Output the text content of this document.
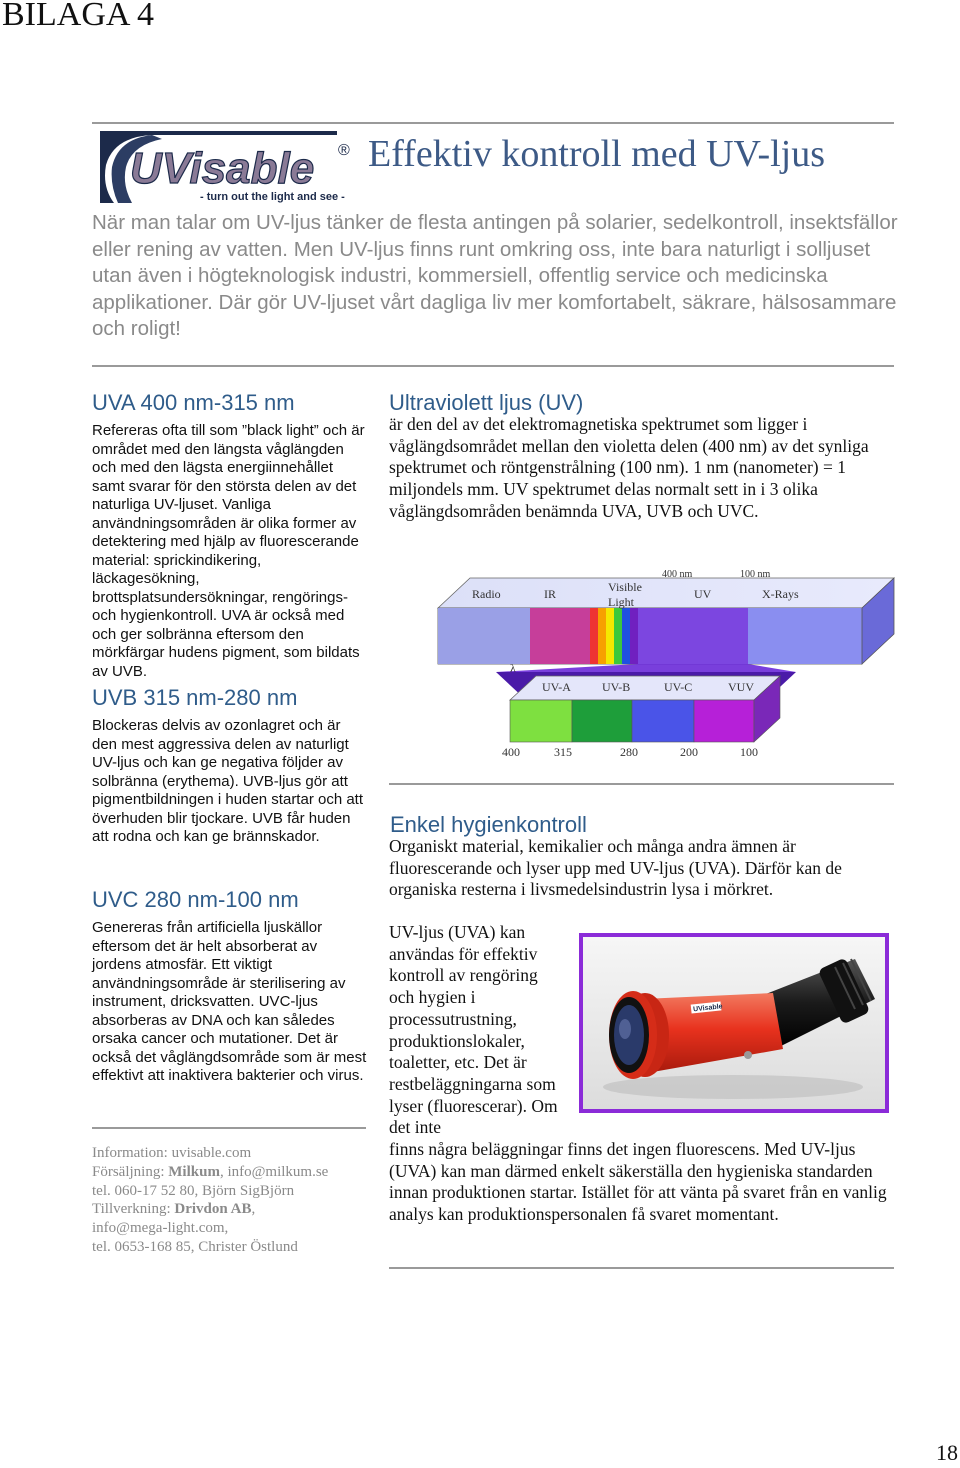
BILAGA 4
UVisable
- turn out the light and see -
® Effektiv kontroll med UV-ljus
När man talar om UV-ljus tänker de flesta antingen på solarier, sedelkontroll, insektsfällor eller rening av vatten. Men UV-ljus finns runt omkring oss, inte bara naturligt i solljuset utan även i högteknologisk industri, kommersiell, offentlig service och medicinska applikationer. Där gör UV-ljuset vårt dagliga liv mer komfortabelt, säkrare, hälsosammare och roligt!
UVA 400 nm-315 nm
Refereras ofta till som ”black light” och är området med den längsta våglängden och med den lägsta energiinnehållet samt svarar för den största delen av det naturliga UV-ljuset. Vanliga användningsområden är olika former av detektering med hjälp av fluorescerande material: sprickindikering, läckagesökning, brottsplatsundersökningar, rengörings- och hygienkontroll. UVA är också med och ger solbränna eftersom den mörkfärgar hudens pigment, som bildats av UVB.
UVB 315 nm-280 nm
Blockeras delvis av ozonlagret och är den mest aggressiva delen av naturligt UV-ljus och kan ge negativa följder av solbränna (erythema). UVB-ljus gör att pigmentbildningen i huden startar och att överhuden blir tjockare. UVB får huden att rodna och kan ge brännskador.
UVC 280 nm-100 nm
Genereras från artificiella ljuskällor eftersom det är helt absorberat av jordens atmosfär. Ett viktigt användningsområde är sterilisering av instrument, dricksvatten. UVC-ljus absorberas av DNA och kan således orsaka cancer och mutationer. Det är också det våglängdsområde som är mest effektivt att inaktivera bakterier och virus.
Information: uvisable.com
Försäljning: Milkum, info@milkum.se
tel. 060-17 52 80, Björn SigBjörn
Tillverkning: Drivdon AB,
info@mega-light.com,
tel. 0653-168 85, Christer Östlund
Ultraviolett ljus (UV)
är den del av det elektromagnetiska spektrumet som ligger i våglängdsområdet mellan den violetta delen (400 nm) av det synliga spektrumet och röntgenstrålning (100 nm). 1 nm (nanometer) = 1 miljondels mm. UV spektrumet delas normalt sett in i 3 olika våglängdsområden benämnda UVA, UVB och UVC.
Radio	IR	Visible
Light
UV	X-Rays
400 nm	100 nm
λ
UV-A	UV-B	UV-C	VUV
400	315	280	200	100
Enkel hygienkontroll
Organiskt material, kemikalier och många andra ämnen är fluorescerande och lyser upp med UV-ljus (UVA). Därför kan de organiska resterna i livsmedelsindustrin lysa i mörkret.
UV-ljus (UVA) kan användas för effektiv kontroll av rengöring och hygien i processutrustning, produktionslokaler, toaletter, etc. Det är restbeläggningarna som lyser (fluorescerar). Om det inte
finns några beläggningar finns det ingen fluorescens. Med UV-ljus (UVA) kan man därmed enkelt säkerställa den hygieniska standarden innan produktionen startar. Istället för att vänta på svaret från en vanlig analys kan produktionspersonalen få svaret momentant.
UVisable
18
